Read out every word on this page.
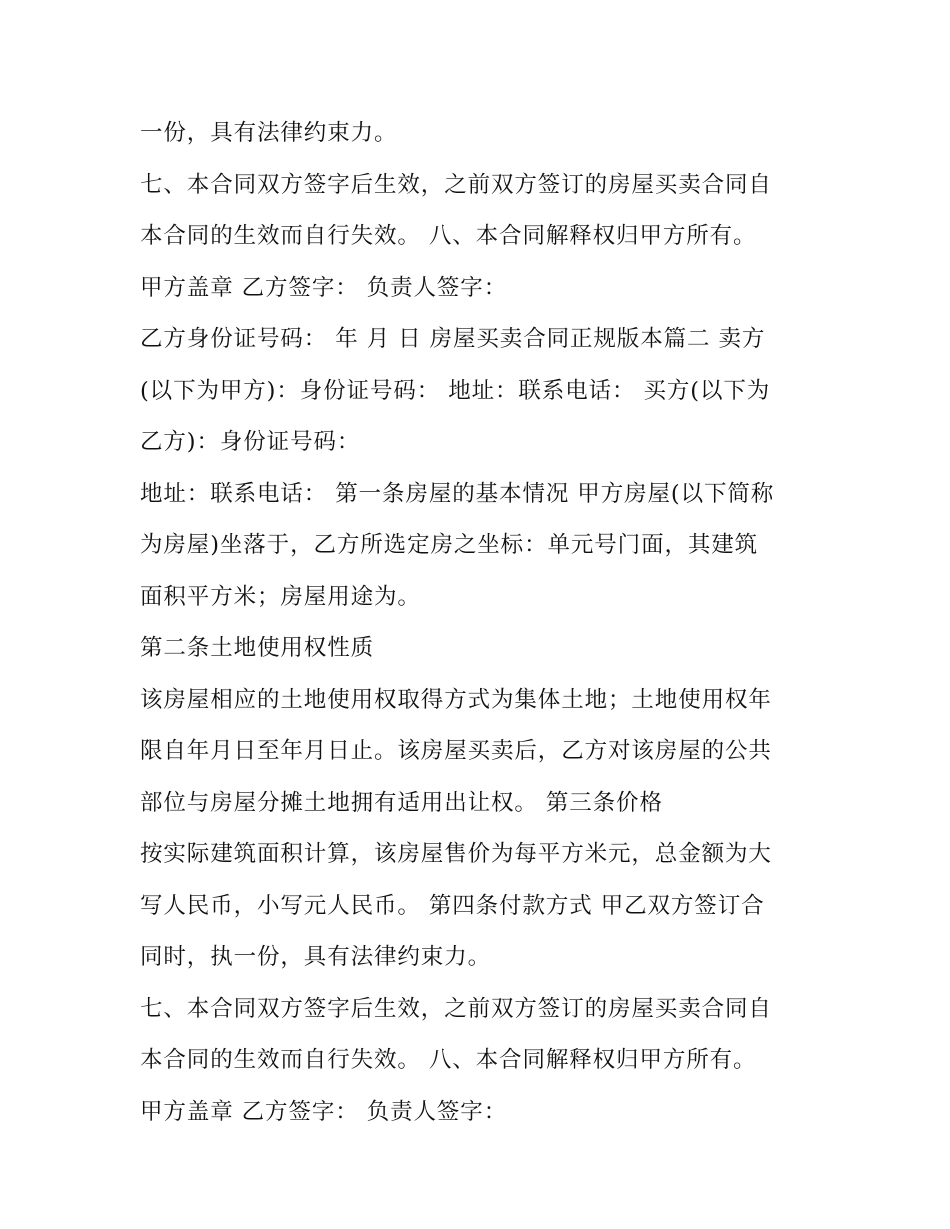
一份，具有法律约束力。
七、本合同双方签字后生效，之前双方签订的房屋买卖合同自
本合同的生效而自行失效。 八、本合同解释权归甲方所有。
甲方盖章 乙方签字： 负责人签字：
乙方身份证号码： 年 月 日 房屋买卖合同正规版本篇二 卖方
(以下为甲方)：身份证号码： 地址：联系电话： 买方(以下为
乙方)：身份证号码：
地址：联系电话： 第一条房屋的基本情况 甲方房屋(以下简称
为房屋)坐落于，乙方所选定房之坐标：单元号门面，其建筑
面积平方米；房屋用途为。
第二条土地使用权性质
该房屋相应的土地使用权取得方式为集体土地；土地使用权年
限自年月日至年月日止。该房屋买卖后，乙方对该房屋的公共
部位与房屋分摊土地拥有适用出让权。 第三条价格
按实际建筑面积计算，该房屋售价为每平方米元，总金额为大
写人民币，小写元人民币。 第四条付款方式 甲乙双方签订合
同时，执一份，具有法律约束力。
七、本合同双方签字后生效，之前双方签订的房屋买卖合同自
本合同的生效而自行失效。 八、本合同解释权归甲方所有。
甲方盖章 乙方签字： 负责人签字：
